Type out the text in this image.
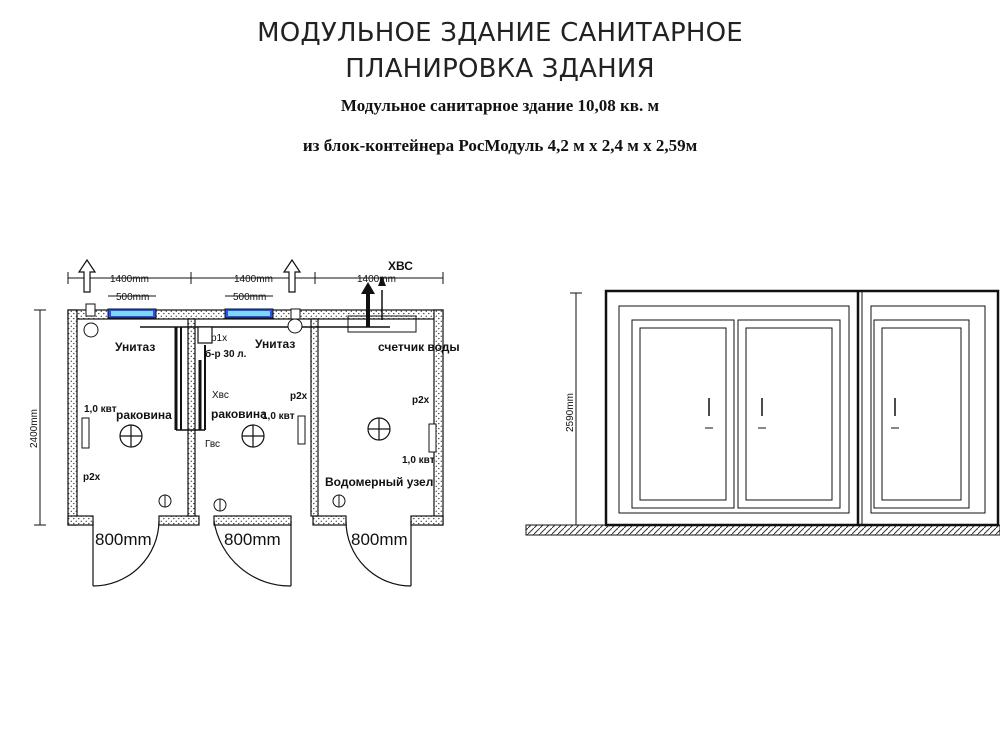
МОДУЛЬНОЕ ЗДАНИЕ САНИТАРНОЕ
ПЛАНИРОВКА ЗДАНИЯ
Модульное санитарное здание 10,08 кв. м
из блок-контейнера РосМодуль 4,2 м х 2,4 м х 2,59м
1400mm	1400mm	1400mm
500mm	500mm
2400mm
ХВС
счетчик воды
Унитаз	Унитаз
р1х
б-р 30 л.
Хвс
Гвс
раковина	раковина
1,0 квт
1,0 квт
1,0 квт
р2х
р2х	р2х
Водомерный узел
800mm	800mm	800mm
2590mm
